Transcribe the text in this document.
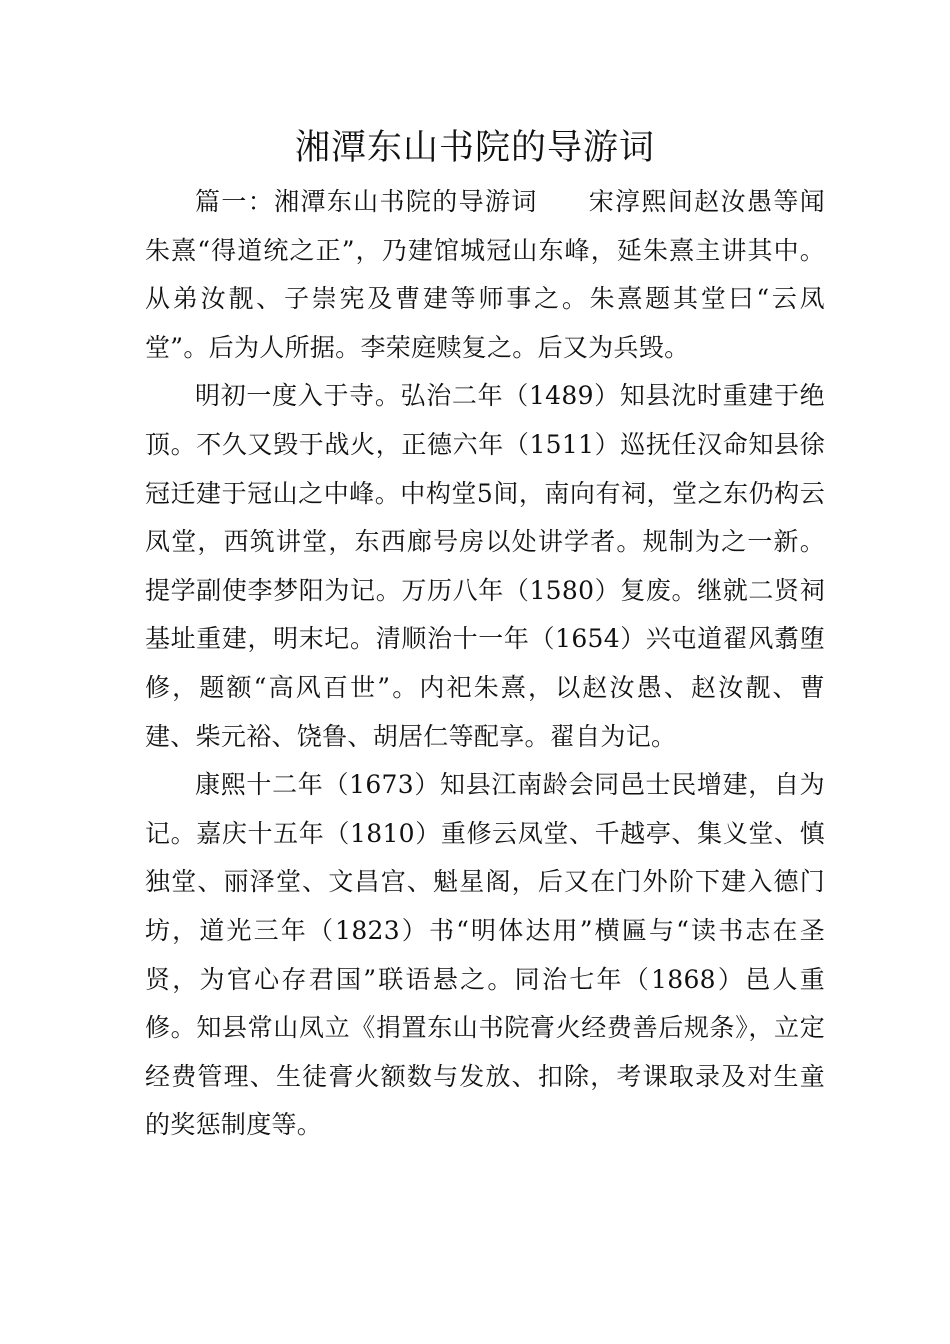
湘潭东山书院的导游词

篇一：湘潭东山书院的导游词 宋淳熙间赵汝愚等闻朱熹“得道统之正”，乃建馆城冠山东峰，延朱熹主讲其中。从弟汝靓、子崇宪及曹建等师事之。朱熹题其堂曰“云凤堂”。后为人所据。李荣庭赎复之。后又为兵毁。

明初一度入于寺。弘治二年（1489）知县沈时重建于绝顶。不久又毁于战火，正德六年（1511）巡抚任汉命知县徐冠迁建于冠山之中峰。中构堂5间，南向有祠，堂之东仍构云凤堂，西筑讲堂，东西廊号房以处讲学者。规制为之一新。提学副使李梦阳为记。万历八年（1580）复废。继就二贤祠基址重建，明末圮。清顺治十一年（1654）兴屯道翟风翥堕修，题额“高风百世”。内祀朱熹，以赵汝愚、赵汝靓、曹建、柴元裕、饶鲁、胡居仁等配享。翟自为记。

康熙十二年（1673）知县江南龄会同邑士民增建，自为记。嘉庆十五年（1810）重修云凤堂、千越亭、集义堂、慎独堂、丽泽堂、文昌宫、魁星阁，后又在门外阶下建入德门坊，道光三年（1823）书“明体达用”横匾与“读书志在圣贤，为官心存君国”联语悬之。同治七年（1868）邑人重修。知县常山凤立《捐置东山书院膏火经费善后规条》，立定经费管理、生徒膏火额数与发放、扣除，考课取录及对生童的奖惩制度等。
